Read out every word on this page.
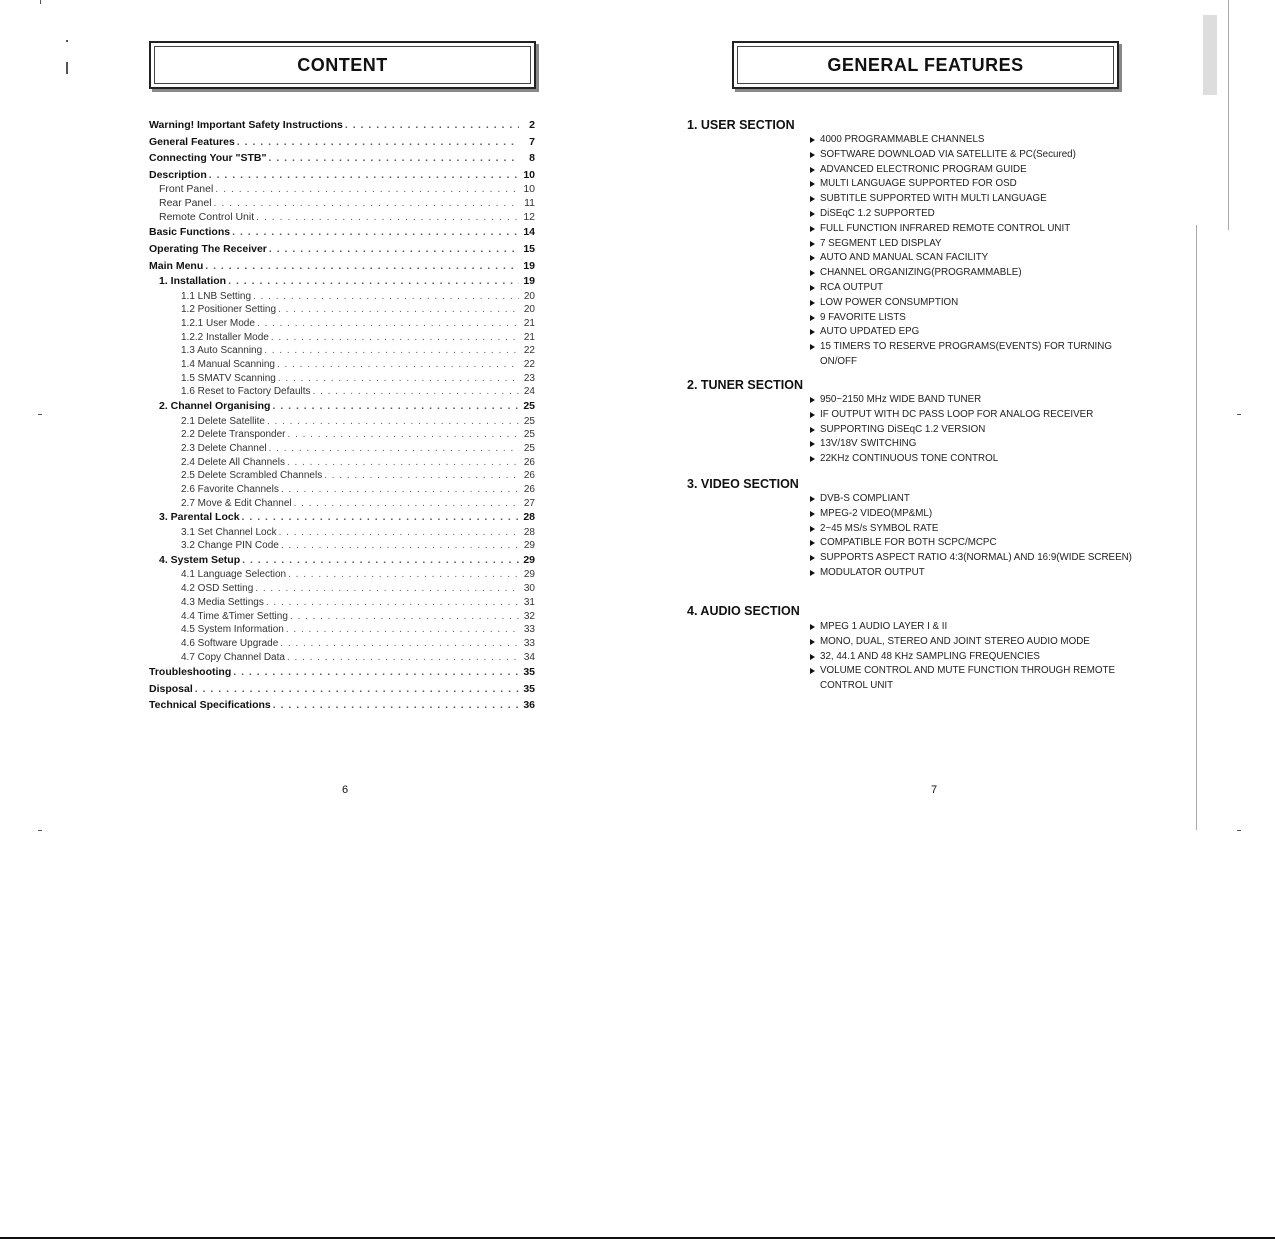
CONTENT
Warning! Important Safety Instructions . . .	2
General Features . . .	7
Connecting Your "STB" . . .	8
Description . . .	10
Front Panel . . .	10
Rear Panel . . .	11
Remote Control Unit . . .	12
Basic Functions . . .	14
Operating The Receiver . . .	15
Main Menu . . .	19
1. Installation . . .	19
1.1 LNB Setting . . .	20
1.2 Positioner Setting . . .	20
1.2.1 User Mode . . .	21
1.2.2 Installer Mode . . .	21
1.3 Auto Scanning . . .	22
1.4 Manual Scanning . . .	22
1.5 SMATV Scanning . . .	23
1.6 Reset to Factory Defaults . . .	24
2. Channel Organising . . .	25
2.1 Delete Satellite . . .	25
2.2 Delete Transponder . . .	25
2.3 Delete Channel . . .	25
2.4 Delete All Channels . . .	26
2.5 Delete Scrambled Channels . . .	26
2.6 Favorite Channels . . .	26
2.7 Move & Edit Channel . . .	27
3. Parental Lock . . .	28
3.1 Set Channel Lock . . .	28
3.2 Change PIN Code . . .	29
4. System Setup . . .	29
4.1 Language Selection . . .	29
4.2 OSD Setting . . .	30
4.3 Media Settings . . .	31
4.4 Time &Timer Setting . . .	32
4.5 System Information . . .	33
4.6 Software Upgrade . . .	33
4.7 Copy Channel Data . . .	34
Troubleshooting . . .	35
Disposal . . .	35
Technical Specifications . . .	36
6
GENERAL FEATURES
1. USER SECTION
4000 PROGRAMMABLE CHANNELS
SOFTWARE DOWNLOAD VIA SATELLITE & PC(Secured)
ADVANCED ELECTRONIC PROGRAM GUIDE
MULTI LANGUAGE SUPPORTED FOR OSD
SUBTITLE SUPPORTED WITH MULTI LANGUAGE
DiSEqC 1.2 SUPPORTED
FULL FUNCTION INFRARED REMOTE CONTROL UNIT
7 SEGMENT LED DISPLAY
AUTO AND MANUAL SCAN FACILITY
CHANNEL ORGANIZING(PROGRAMMABLE)
RCA OUTPUT
LOW POWER CONSUMPTION
9 FAVORITE LISTS
AUTO UPDATED EPG
15 TIMERS TO RESERVE PROGRAMS(EVENTS) FOR TURNING ON/OFF
2. TUNER SECTION
950~2150 MHz WIDE BAND TUNER
IF OUTPUT WITH DC PASS LOOP FOR ANALOG RECEIVER
SUPPORTING DiSEqC 1.2 VERSION
13V/18V SWITCHING
22KHz CONTINUOUS TONE CONTROL
3. VIDEO SECTION
DVB-S COMPLIANT
MPEG-2 VIDEO(MP&ML)
2~45 MS/s SYMBOL RATE
COMPATIBLE FOR BOTH SCPC/MCPC
SUPPORTS ASPECT RATIO 4:3(NORMAL) AND 16:9(WIDE SCREEN)
MODULATOR OUTPUT
4. AUDIO SECTION
MPEG 1 AUDIO LAYER I & II
MONO, DUAL, STEREO AND JOINT STEREO AUDIO MODE
32, 44.1 AND 48 KHz SAMPLING FREQUENCIES
VOLUME CONTROL AND MUTE FUNCTION THROUGH REMOTE CONTROL UNIT
7
